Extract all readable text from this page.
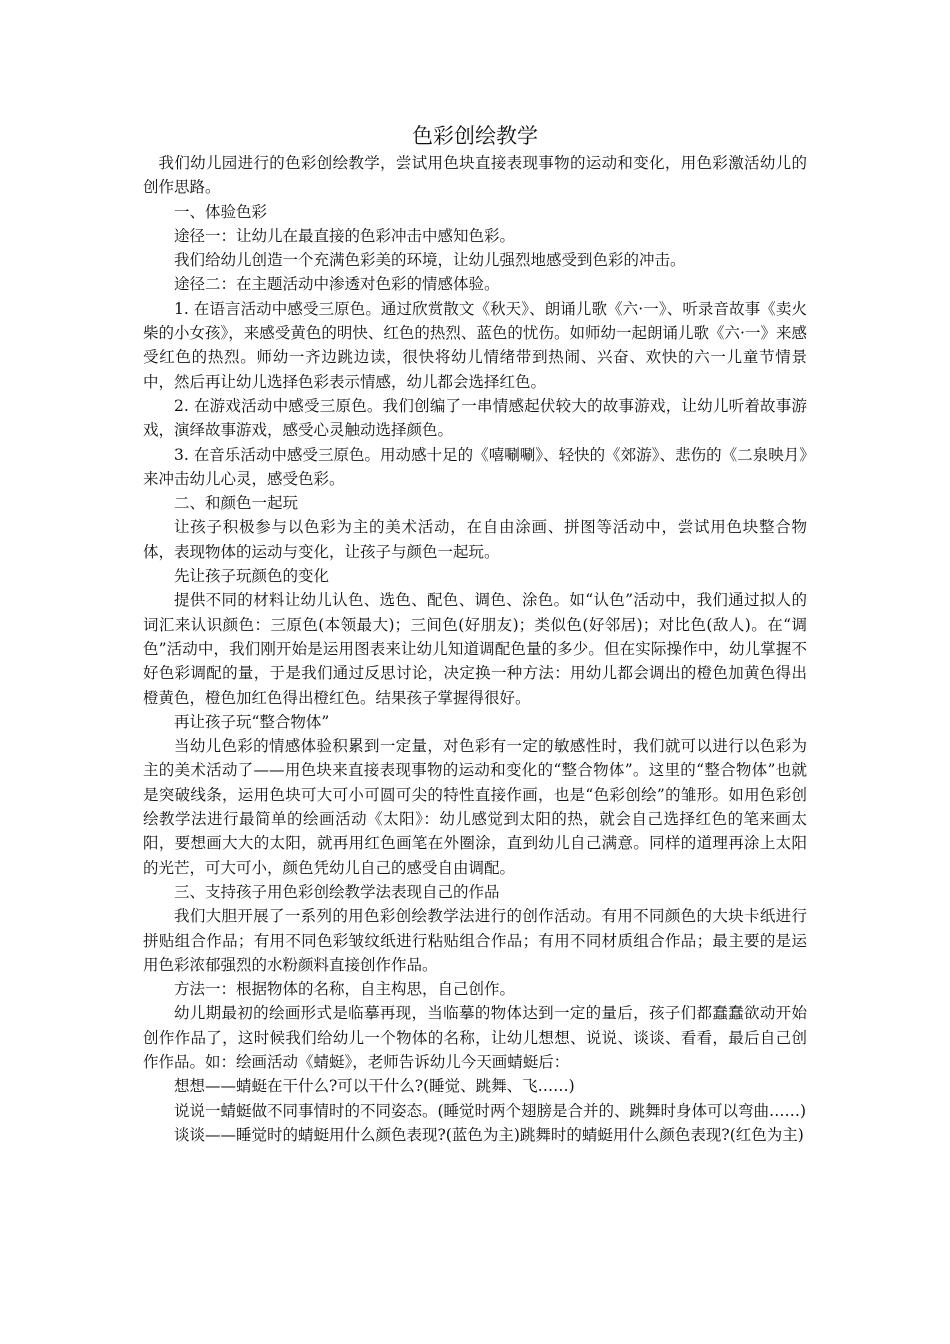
色彩创绘教学

我们幼儿园进行的色彩创绘教学，尝试用色块直接表现事物的运动和变化，用色彩激活幼儿的创作思路。

一、体验色彩

途径一：让幼儿在最直接的色彩冲击中感知色彩。

我们给幼儿创造一个充满色彩美的环境，让幼儿强烈地感受到色彩的冲击。

途径二：在主题活动中渗透对色彩的情感体验。

1. 在语言活动中感受三原色。通过欣赏散文《秋天》、朗诵儿歌《六·一》、听录音故事《卖火柴的小女孩》，来感受黄色的明快、红色的热烈、蓝色的忧伤。如师幼一起朗诵儿歌《六·一》来感受红色的热烈。师幼一齐边跳边读，很快将幼儿情绪带到热闹、兴奋、欢快的六一儿童节情景中，然后再让幼儿选择色彩表示情感，幼儿都会选择红色。

2. 在游戏活动中感受三原色。我们创编了一串情感起伏较大的故事游戏，让幼儿听着故事游戏，演绎故事游戏，感受心灵触动选择颜色。

3. 在音乐活动中感受三原色。用动感十足的《嘻唰唰》、轻快的《郊游》、悲伤的《二泉映月》来冲击幼儿心灵，感受色彩。

二、和颜色一起玩

让孩子积极参与以色彩为主的美术活动，在自由涂画、拼图等活动中，尝试用色块整合物体，表现物体的运动与变化，让孩子与颜色一起玩。

先让孩子玩颜色的变化

提供不同的材料让幼儿认色、选色、配色、调色、涂色。如“认色”活动中，我们通过拟人的词汇来认识颜色：三原色(本领最大)；三间色(好朋友)；类似色(好邻居)；对比色(敌人)。在“调色”活动中，我们刚开始是运用图表来让幼儿知道调配色量的多少。但在实际操作中，幼儿掌握不好色彩调配的量，于是我们通过反思讨论，决定换一种方法：用幼儿都会调出的橙色加黄色得出橙黄色，橙色加红色得出橙红色。结果孩子掌握得很好。

再让孩子玩“整合物体”

当幼儿色彩的情感体验积累到一定量，对色彩有一定的敏感性时，我们就可以进行以色彩为主的美术活动了——用色块来直接表现事物的运动和变化的“整合物体”。这里的“整合物体”也就是突破线条，运用色块可大可小可圆可尖的特性直接作画，也是“色彩创绘”的雏形。如用色彩创绘教学法进行最简单的绘画活动《太阳》：幼儿感觉到太阳的热，就会自己选择红色的笔来画太阳，要想画大大的太阳，就再用红色画笔在外圈涂，直到幼儿自己满意。同样的道理再涂上太阳的光芒，可大可小，颜色凭幼儿自己的感受自由调配。

三、支持孩子用色彩创绘教学法表现自己的作品

我们大胆开展了一系列的用色彩创绘教学法进行的创作活动。有用不同颜色的大块卡纸进行拼贴组合作品；有用不同色彩皱纹纸进行粘贴组合作品；有用不同材质组合作品；最主要的是运用色彩浓郁强烈的水粉颜料直接创作作品。

方法一：根据物体的名称，自主构思，自己创作。

幼儿期最初的绘画形式是临摹再现，当临摹的物体达到一定的量后，孩子们都蠢蠢欲动开始创作作品了，这时候我们给幼儿一个物体的名称，让幼儿想想、说说、谈谈、看看，最后自己创作作品。如：绘画活动《蜻蜓》，老师告诉幼儿今天画蜻蜓后：

想想——蜻蜓在干什么?可以干什么?(睡觉、跳舞、飞……)

说说一蜻蜓做不同事情时的不同姿态。(睡觉时两个翅膀是合并的、跳舞时身体可以弯曲……)

谈谈——睡觉时的蜻蜓用什么颜色表现?(蓝色为主)跳舞时的蜻蜓用什么颜色表现?(红色为主)
